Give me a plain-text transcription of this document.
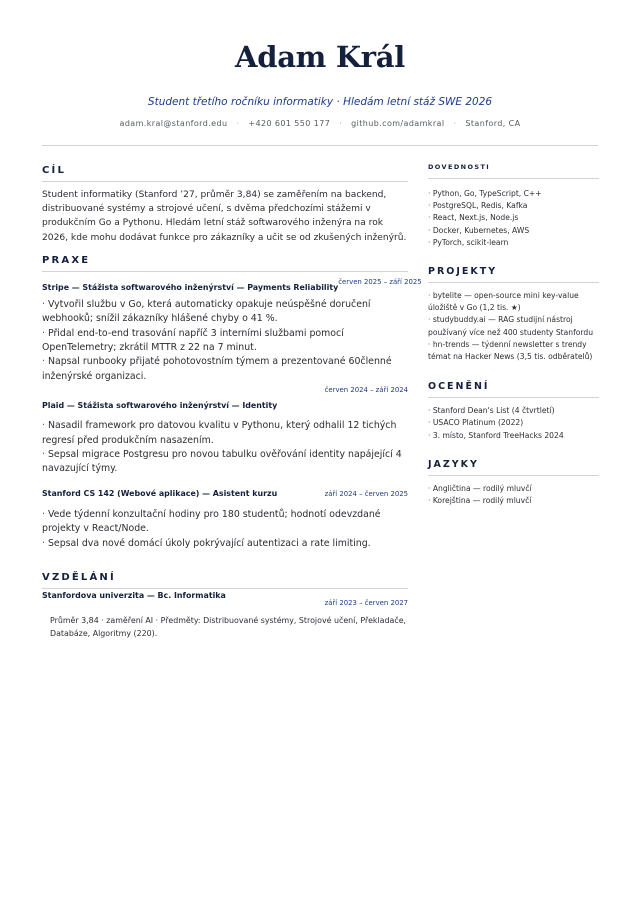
Adam Král
Student třetího ročníku informatiky · Hledám letní stáž SWE 2026
adam.kral@stanford.edu · +420 601 550 177 · github.com/adamkral · Stanford, CA
CÍL
Student informatiky (Stanford ’27, průměr 3,84) se zaměřením na backend, distribuované systémy a strojové učení, s dvěma předchozími stážemi v produkčním Go a Pythonu. Hledám letní stáž softwarového inženýra na rok 2026, kde mohu dodávat funkce pro zákazníky a učit se od zkušených inženýrů.
PRAXE
Stripe — Stážista softwarového inženýrství — Payments Reliability
červen 2025 – září 2025
· Vytvořil službu v Go, která automaticky opakuje neúspěšné doručení webhooků; snížil zákazníky hlášené chyby o 41 %.
· Přidal end-to-end trasování napříč 3 interními službami pomocí OpenTelemetry; zkrátil MTTR z 22 na 7 minut.
· Napsal runbooky přijaté pohotovostním týmem a prezentované 60členné inženýrské organizaci.
červen 2024 – září 2024
Plaid — Stážista softwarového inženýrství — Identity
· Nasadil framework pro datovou kvalitu v Pythonu, který odhalil 12 tichých regresí před produkčním nasazením.
· Sepsal migrace Postgresu pro novou tabulku ověřování identity napájející 4 navazující týmy.
Stanford CS 142 (Webové aplikace) — Asistent kurzu	září 2024 – červen 2025
· Vede týdenní konzultační hodiny pro 180 studentů; hodnotí odevzdané projekty v React/Node.
· Sepsal dva nové domácí úkoly pokrývající autentizaci a rate limiting.
VZDĚLÁNÍ
Stanfordova univerzita — Bc. Informatika
září 2023 – červen 2027
Průměr 3,84 · zaměření AI · Předměty: Distribuované systémy, Strojové učení, Překladače, Databáze, Algoritmy (220).
DOVEDNOSTI
· Python, Go, TypeScript, C++
· PostgreSQL, Redis, Kafka
· React, Next.js, Node.js
· Docker, Kubernetes, AWS
· PyTorch, scikit-learn
PROJEKTY
· bytelite — open-source mini key-value úložiště v Go (1,2 tis. ★)
· studybuddy.ai — RAG studijní nástroj používaný více než 400 studenty Stanfordu
· hn-trends — týdenní newsletter s trendy témat na Hacker News (3,5 tis. odběratelů)
OCENĚNÍ
· Stanford Dean's List (4 čtvrtletí)
· USACO Platinum (2022)
· 3. místo, Stanford TreeHacks 2024
JAZYKY
· Angličtina — rodilý mluvčí
· Korejština — rodilý mluvčí
